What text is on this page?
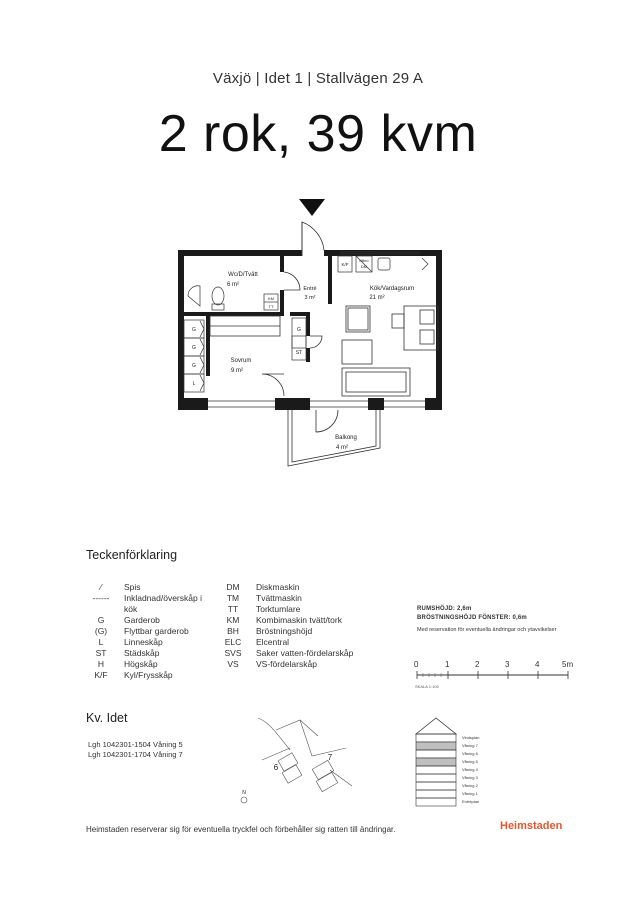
Växjö | Idet 1 | Stallvägen 29 A
2 rok, 39 kvm
KM
TT
K/F
Mikro
DM
G
G
G
L
G
ST
Wc/D/Tvätt
6 m²
Entré
3 m²
Kök/Vardagsrum
21 m²
Sovrum
9 m²
Balkong
4 m²
6
7
N
Teckenförklaring
⁄	Spis
------	Inkladnad/överskåp i
kök
G	Garderob
(G)	Flyttbar garderob
L	Linneskåp
ST	Städskåp
H	Högskåp
K/F	Kyl/Frysskåp
DM	Diskmaskin
TM	Tvättmaskin
TT	Torktumlare
KM	Kombimaskin tvätt/tork
BH	Bröstningshöjd
ELC	Elcentral
SVS	Saker vatten-fördelarskåp
VS	VS-fördelarskåp
RUMSHÖJD: 2,6m
BRÖSTNINGSHÖJD FÖNSTER: 0,6m
Med reservation för eventuella ändringar och ytavvikelser
0	1	2	3	4	5m
SKALA 1:100
Kv. Idet
Lgh 1042301-1504 Våning 5
Lgh 1042301-1704 Våning 7
Vindsplan
Våning 7
Våning 6
Våning 5
Våning 4
Våning 3
Våning 2
Våning 1
Entréplan
Heimstaden reserverar sig för eventuella tryckfel och förbehåller sig ratten till ändringar.	Heimstaden
